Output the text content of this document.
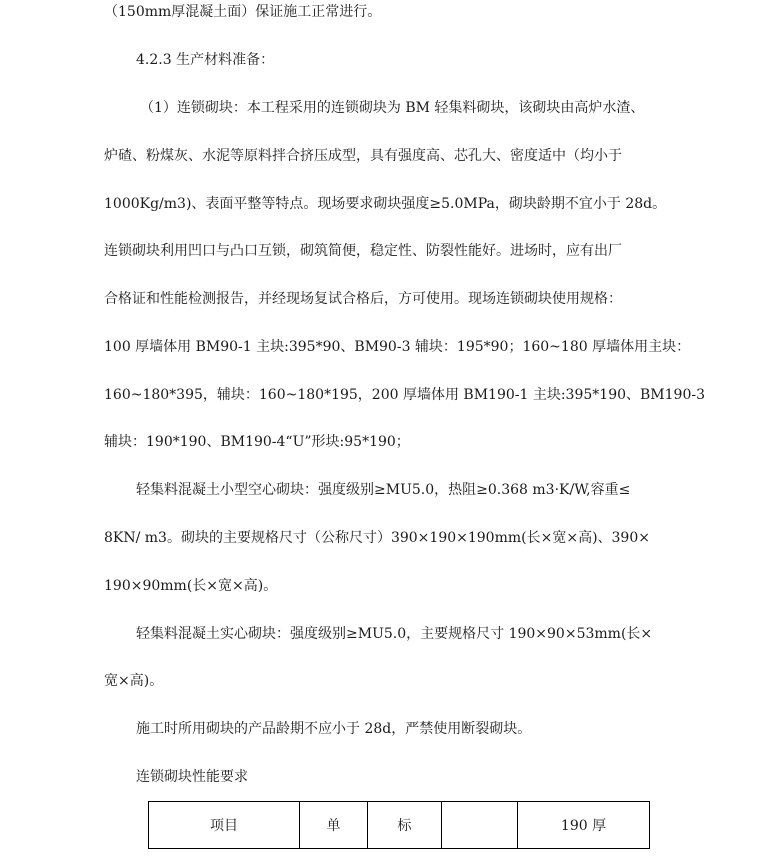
（150mm厚混凝土面）保证施工正常进行。
4.2.3 生产材料准备：
（1）连锁砌块：本工程采用的连锁砌块为 BM 轻集料砌块，该砌块由高炉水渣、
炉碴、粉煤灰、水泥等原料拌合挤压成型，具有强度高、芯孔大、密度适中（均小于
1000Kg/m3)、表面平整等特点。现场要求砌块强度≥5.0MPa，砌块龄期不宜小于 28d。
连锁砌块利用凹口与凸口互锁，砌筑简便，稳定性、防裂性能好。进场时，应有出厂
合格证和性能检测报告，并经现场复试合格后，方可使用。现场连锁砌块使用规格：
100 厚墙体用 BM90-1 主块:395*90、BM90-3 辅块：195*90；160~180 厚墙体用主块：
160~180*395，辅块：160~180*195，200 厚墙体用 BM190-1 主块:395*190、BM190-3
辅块：190*190、BM190-4“U”形块:95*190；
轻集料混凝土小型空心砌块：强度级别≥MU5.0，热阻≥0.368 m3·K/W,容重≤
8KN/ m3。砌块的主要规格尺寸（公称尺寸）390×190×190mm(长×宽×高)、390×
190×90mm(长×宽×高)。
轻集料混凝土实心砌块：强度级别≥MU5.0，主要规格尺寸 190×90×53mm(长×
宽×高)。
施工时所用砌块的产品龄期不应小于 28d，严禁使用断裂砌块。
连锁砌块性能要求
项目	单	标		190 厚
